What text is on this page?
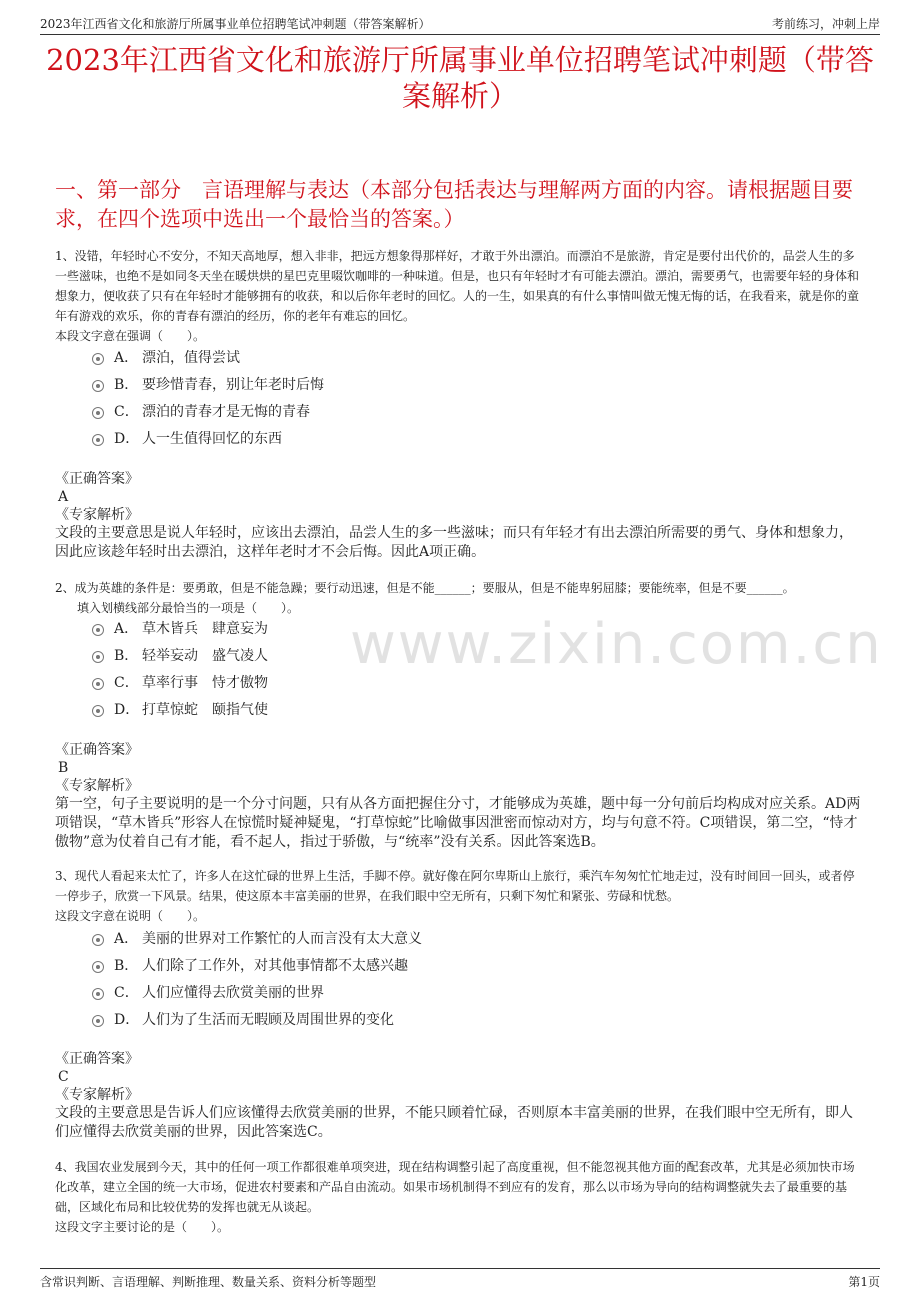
2023年江西省文化和旅游厅所属事业单位招聘笔试冲刺题（带答案解析）	考前练习，冲刺上岸
www.zixin.com.cn
2023年江西省文化和旅游厅所属事业单位招聘笔试冲刺题（带答案解析）
一、第一部分　言语理解与表达（本部分包括表达与理解两方面的内容。请根据题目要求，在四个选项中选出一个最恰当的答案。）

1、没错，年轻时心不安分，不知天高地厚，想入非非，把远方想象得那样好，才敢于外出漂泊。而漂泊不是旅游，肯定是要付出代价的，品尝人生的多一些滋味，也绝不是如同冬天坐在暖烘烘的星巴克里啜饮咖啡的一种味道。但是，也只有年轻时才有可能去漂泊。漂泊，需要勇气，也需要年轻的身体和想象力，便收获了只有在年轻时才能够拥有的收获，和以后你年老时的回忆。人的一生，如果真的有什么事情叫做无愧无悔的话，在我看来，就是你的童年有游戏的欢乐，你的青春有漂泊的经历，你的老年有难忘的回忆。

本段文字意在强调（　　）。

A． 漂泊，值得尝试
B． 要珍惜青春，别让年老时后悔
C． 漂泊的青春才是无悔的青春
D． 人一生值得回忆的东西
《正确答案》
A
《专家解析》
文段的主要意思是说人年轻时，应该出去漂泊，品尝人生的多一些滋味；而只有年轻才有出去漂泊所需要的勇气、身体和想象力，因此应该趁年轻时出去漂泊，这样年老时才不会后悔。因此A项正确。

2、成为英雄的条件是：要勇敢，但是不能急躁；要行动迅速，但是不能______；要服从，但是不能卑躬屈膝；要能统率，但是不要______。

填入划横线部分最恰当的一项是（　　）。

A． 草木皆兵　肆意妄为
B． 轻举妄动　盛气凌人
C． 草率行事　恃才傲物
D． 打草惊蛇　颐指气使
《正确答案》
B
《专家解析》
第一空，句子主要说明的是一个分寸问题，只有从各方面把握住分寸，才能够成为英雄，题中每一分句前后均构成对应关系。AD两项错误，“草木皆兵”形容人在惊慌时疑神疑鬼，“打草惊蛇”比喻做事因泄密而惊动对方，均与句意不符。C项错误，第二空，“恃才傲物”意为仗着自己有才能，看不起人，指过于骄傲，与“统率”没有关系。因此答案选B。

3、现代人看起来太忙了，许多人在这忙碌的世界上生活，手脚不停。就好像在阿尔卑斯山上旅行，乘汽车匆匆忙忙地走过，没有时间回一回头，或者停一停步子，欣赏一下风景。结果，使这原本丰富美丽的世界，在我们眼中空无所有，只剩下匆忙和紧张、劳碌和忧愁。

这段文字意在说明（　　）。

A． 美丽的世界对工作繁忙的人而言没有太大意义
B． 人们除了工作外，对其他事情都不太感兴趣
C． 人们应懂得去欣赏美丽的世界
D． 人们为了生活而无暇顾及周围世界的变化
《正确答案》
C
《专家解析》
文段的主要意思是告诉人们应该懂得去欣赏美丽的世界，不能只顾着忙碌，否则原本丰富美丽的世界，在我们眼中空无所有，即人们应懂得去欣赏美丽的世界，因此答案选C。

4、我国农业发展到今天，其中的任何一项工作都很难单项突进，现在结构调整引起了高度重视，但不能忽视其他方面的配套改革，尤其是必须加快市场化改革，建立全国的统一大市场，促进农村要素和产品自由流动。如果市场机制得不到应有的发育，那么以市场为导向的结构调整就失去了最重要的基础，区域化布局和比较优势的发挥也就无从谈起。

这段文字主要讨论的是（　　）。

含常识判断、言语理解、判断推理、数量关系、资料分析等题型	第1页
